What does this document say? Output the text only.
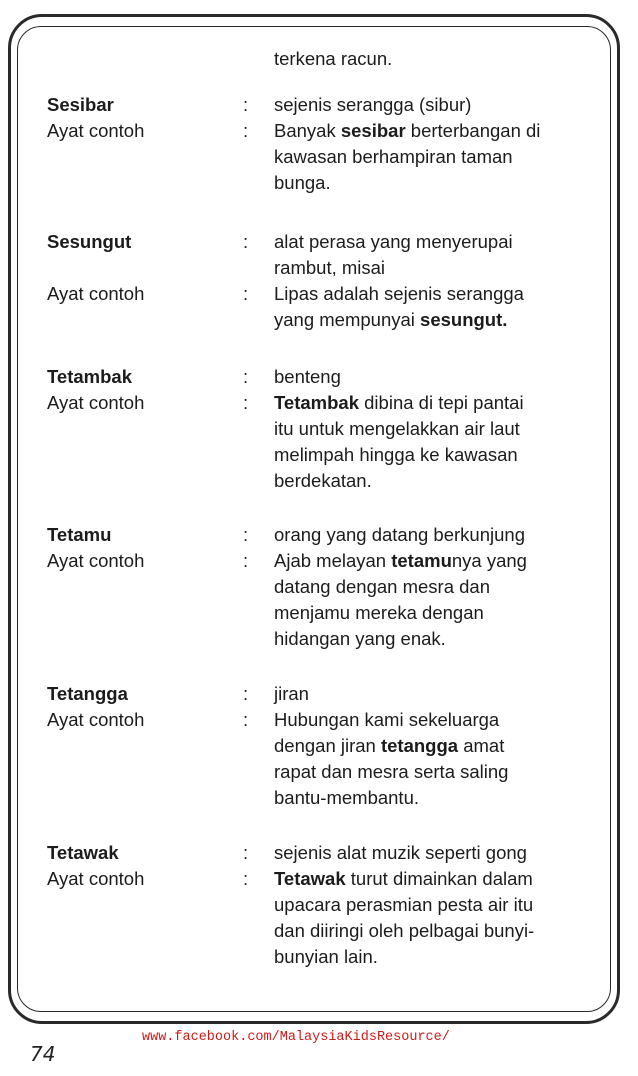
terkena racun.
Sesibar	: sejenis serangga (sibur)
Ayat contoh	: Banyak sesibar berterbangan di
kawasan berhampiran taman
bunga.
Sesungut	: alat perasa yang menyerupai
rambut, misai
Ayat contoh	: Lipas adalah sejenis serangga
yang mempunyai sesungut.
Tetambak	: benteng
Ayat contoh	: Tetambak dibina di tepi pantai
itu untuk mengelakkan air laut
melimpah hingga ke kawasan
berdekatan.
Tetamu	: orang yang datang berkunjung
Ayat contoh	: Ajab melayan tetamunya yang
datang dengan mesra dan
menjamu mereka dengan
hidangan yang enak.
Tetangga	: jiran
Ayat contoh	: Hubungan kami sekeluarga
dengan jiran tetangga amat
rapat dan mesra serta saling
bantu-membantu.
Tetawak	: sejenis alat muzik seperti gong
Ayat contoh	: Tetawak turut dimainkan dalam
upacara perasmian pesta air itu
dan diiringi oleh pelbagai bunyi-
bunyian lain.
www.facebook.com/MalaysiaKidsResource/
74
